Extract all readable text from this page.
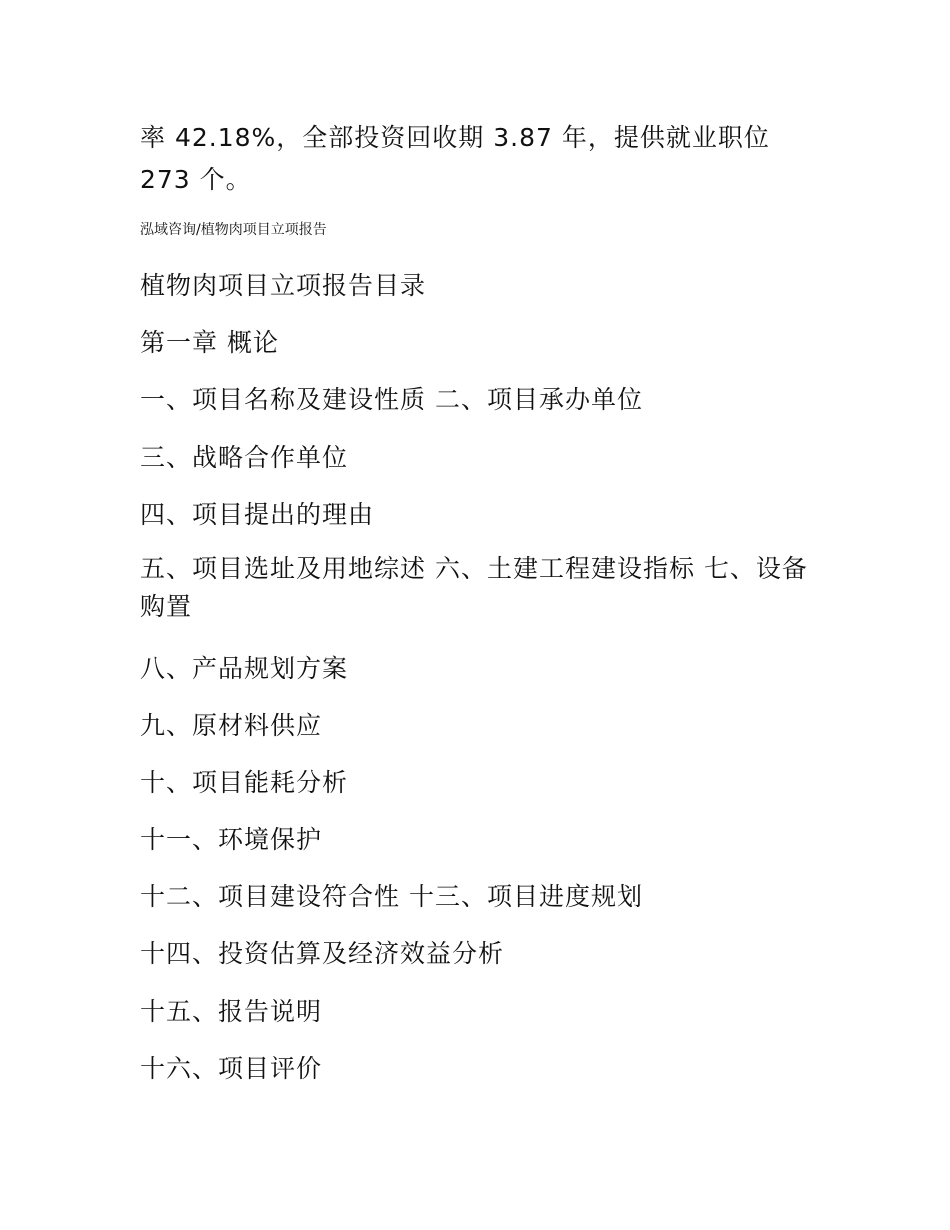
率 42.18%，全部投资回收期 3.87 年，提供就业职位

273 个。

泓域咨询/植物肉项目立项报告

植物肉项目立项报告目录

第一章 概论

一、项目名称及建设性质 二、项目承办单位

三、战略合作单位

四、项目提出的理由

五、项目选址及用地综述 六、土建工程建设指标 七、设备购置

八、产品规划方案

九、原材料供应

十、项目能耗分析

十一、环境保护

十二、项目建设符合性 十三、项目进度规划

十四、投资估算及经济效益分析

十五、报告说明

十六、项目评价
